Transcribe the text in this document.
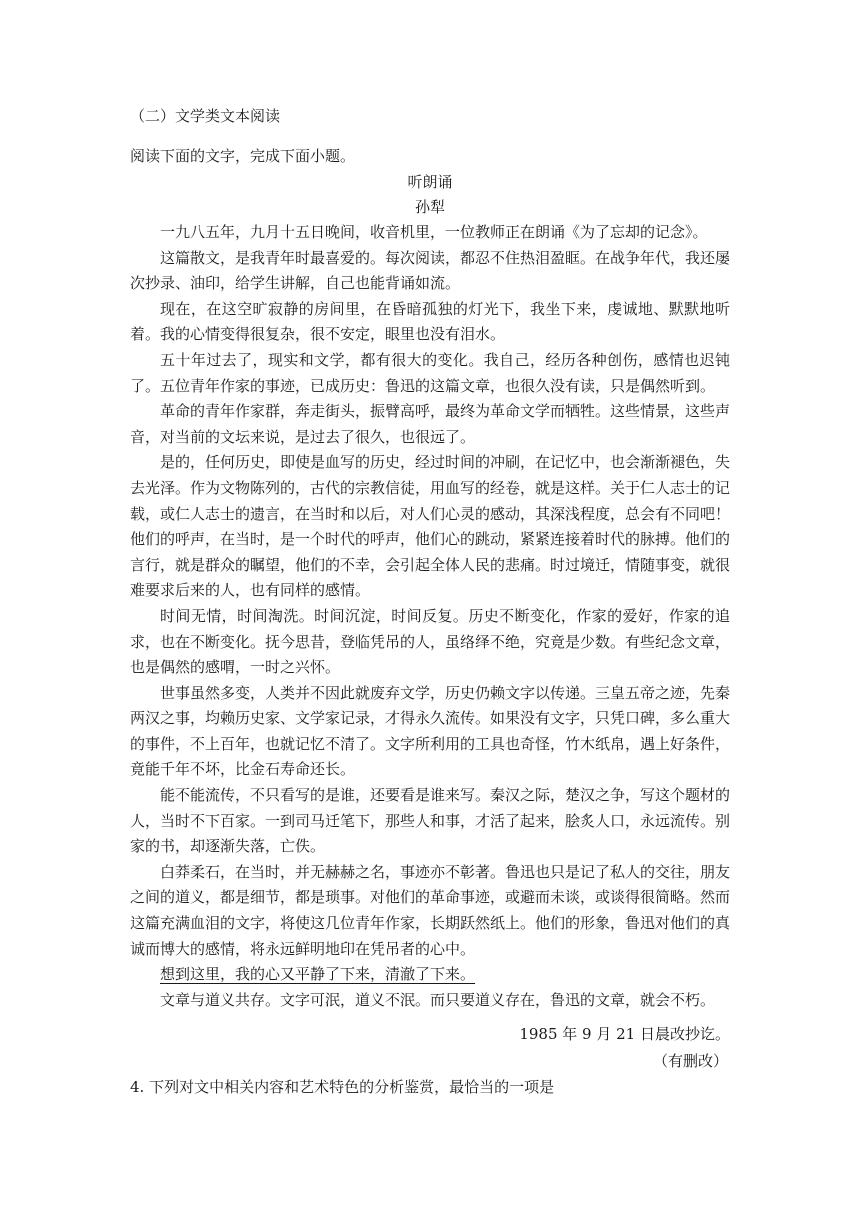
（二）文学类文本阅读
阅读下面的文字，完成下面小题。
听朗诵
孙犁

一九八五年，九月十五日晚间，收音机里，一位教师正在朗诵《为了忘却的记念》。

这篇散文，是我青年时最喜爱的。每次阅读，都忍不住热泪盈眶。在战争年代，我还屡次抄录、油印，给学生讲解，自己也能背诵如流。

现在，在这空旷寂静的房间里，在昏暗孤独的灯光下，我坐下来，虔诚地、默默地听着。我的心情变得很复杂，很不安定，眼里也没有泪水。

五十年过去了，现实和文学，都有很大的变化。我自己，经历各种创伤，感情也迟钝了。五位青年作家的事迹，已成历史：鲁迅的这篇文章，也很久没有读，只是偶然听到。

革命的青年作家群，奔走街头，振臂高呼，最终为革命文学而牺牲。这些情景，这些声音，对当前的文坛来说，是过去了很久，也很远了。

是的，任何历史，即使是血写的历史，经过时间的冲刷，在记忆中，也会渐渐褪色，失去光泽。作为文物陈列的，古代的宗教信徒，用血写的经卷，就是这样。关于仁人志士的记载，或仁人志士的遗言，在当时和以后，对人们心灵的感动，其深浅程度，总会有不同吧！他们的呼声，在当时，是一个时代的呼声，他们心的跳动，紧紧连接着时代的脉搏。他们的言行，就是群众的瞩望，他们的不幸，会引起全体人民的悲痛。时过境迁，情随事变，就很难要求后来的人，也有同样的感情。

时间无情，时间淘洗。时间沉淀，时间反复。历史不断变化，作家的爱好，作家的追求，也在不断变化。抚今思昔，登临凭吊的人，虽络绎不绝，究竟是少数。有些纪念文章，也是偶然的感喟，一时之兴怀。

世事虽然多变，人类并不因此就废弃文学，历史仍赖文字以传递。三皇五帝之迹，先秦两汉之事，均赖历史家、文学家记录，才得永久流传。如果没有文字，只凭口碑，多么重大的事件，不上百年，也就记忆不清了。文字所利用的工具也奇怪，竹木纸帛，遇上好条件，竟能千年不坏，比金石寿命还长。

能不能流传，不只看写的是谁，还要看是谁来写。秦汉之际，楚汉之争，写这个题材的人，当时不下百家。一到司马迁笔下，那些人和事，才活了起来，脍炙人口，永远流传。别家的书，却逐渐失落，亡佚。

白莽柔石，在当时，并无赫赫之名，事迹亦不彰著。鲁迅也只是记了私人的交往，朋友之间的道义，都是细节，都是琐事。对他们的革命事迹，或避而未谈，或谈得很简略。然而这篇充满血泪的文字，将使这几位青年作家，长期跃然纸上。他们的形象，鲁迅对他们的真诚而博大的感情，将永远鲜明地印在凭吊者的心中。

想到这里，我的心又平静了下来，清澈了下来。

文章与道义共存。文字可泯，道义不泯。而只要道义存在，鲁迅的文章，就会不朽。

1985 年 9 月 21 日晨改抄讫。
（有删改）
4. 下列对文中相关内容和艺术特色的分析鉴赏，最恰当的一项是
